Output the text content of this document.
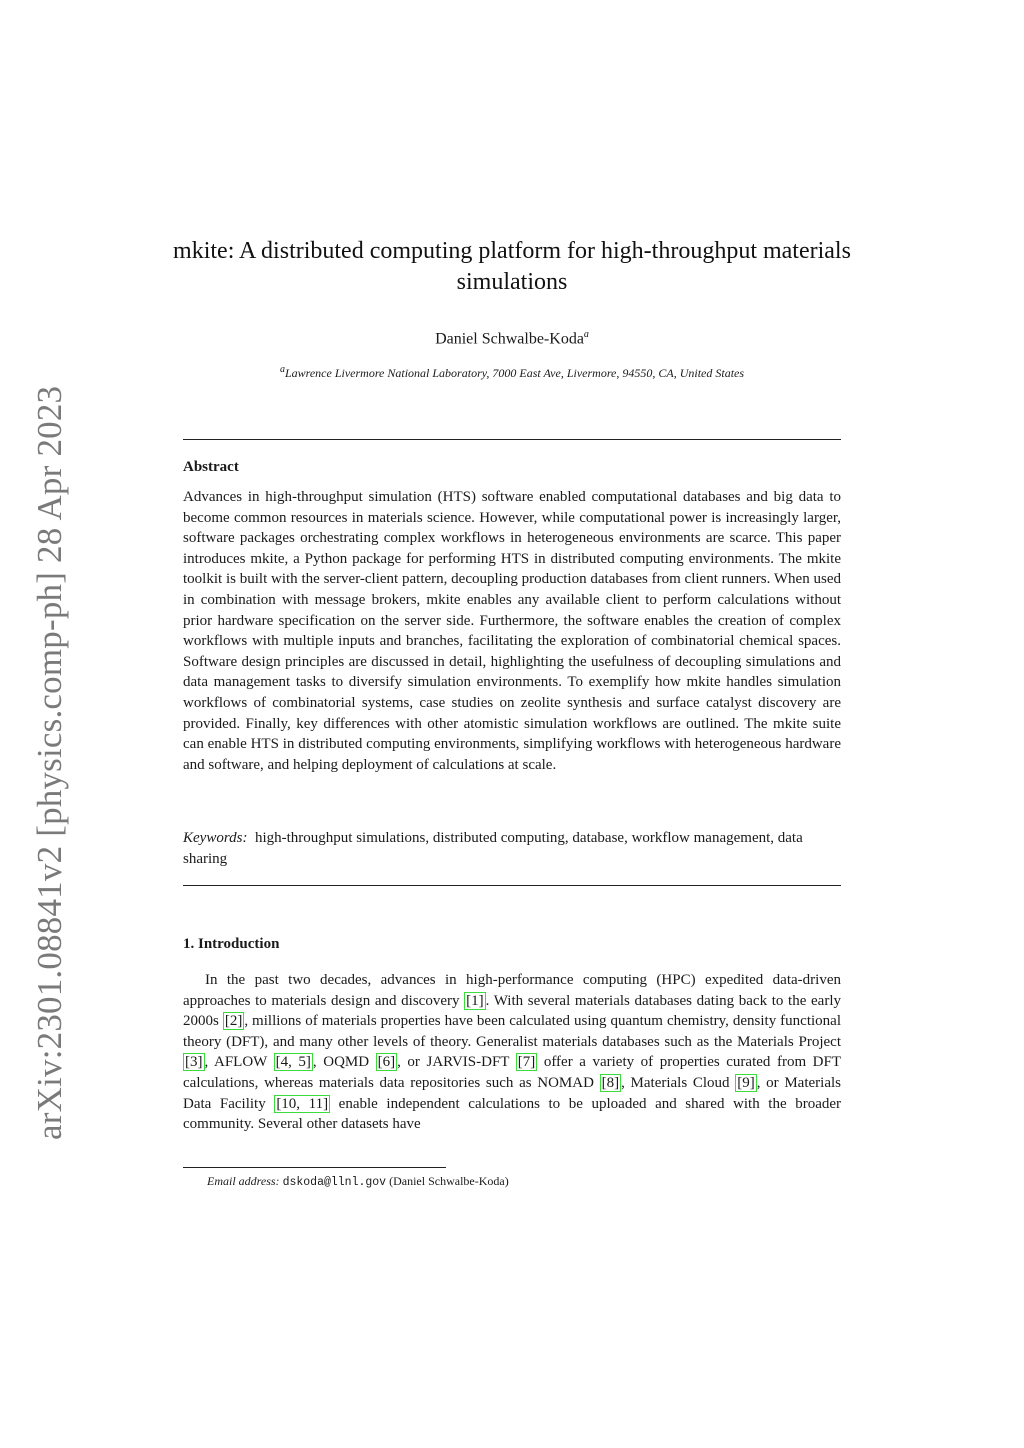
arXiv:2301.08841v2 [physics.comp-ph] 28 Apr 2023
mkite: A distributed computing platform for high-throughput materials simulations
Daniel Schwalbe-Koda$^a$
$^a$Lawrence Livermore National Laboratory, 7000 East Ave, Livermore, 94550, CA, United States
Abstract
Advances in high-throughput simulation (HTS) software enabled computational databases and big data to become common resources in materials science. However, while computational power is increasingly larger, software packages orchestrating complex workflows in heterogeneous environments are scarce. This paper introduces mkite, a Python package for performing HTS in distributed computing environments. The mkite toolkit is built with the server-client pattern, decoupling production databases from client runners. When used in combination with message brokers, mkite enables any available client to perform calculations without prior hardware specification on the server side. Furthermore, the software enables the creation of complex workflows with multiple inputs and branches, facilitating the exploration of combinatorial chemical spaces. Software design principles are discussed in detail, highlighting the usefulness of decoupling simulations and data management tasks to diversify simulation environments. To exemplify how mkite handles simulation workflows of combinatorial systems, case studies on zeolite synthesis and surface catalyst discovery are provided. Finally, key differences with other atomistic simulation workflows are outlined. The mkite suite can enable HTS in distributed computing environments, simplifying workflows with heterogeneous hardware and software, and helping deployment of calculations at scale.
Keywords: high-throughput simulations, distributed computing, database, workflow management, data sharing
1. Introduction
In the past two decades, advances in high-performance computing (HPC) expedited data-driven approaches to materials design and discovery [1] . With several materials databases dating back to the early 2000s [2] , millions of materials properties have been calculated using quantum chemistry, density functional theory (DFT), and many other levels of theory. Generalist materials databases such as the Materials Project [3] , AFLOW [4, 5] , OQMD [6] , or JARVIS-DFT [7] offer a variety of properties curated from DFT calculations, whereas materials data repositories such as NOMAD [8] , Materials Cloud [9] , or Materials Data Facility [10, 11] enable independent calculations to be uploaded and shared with the broader community. Several other datasets have
Email address: dskoda@llnl.gov (Daniel Schwalbe-Koda)
